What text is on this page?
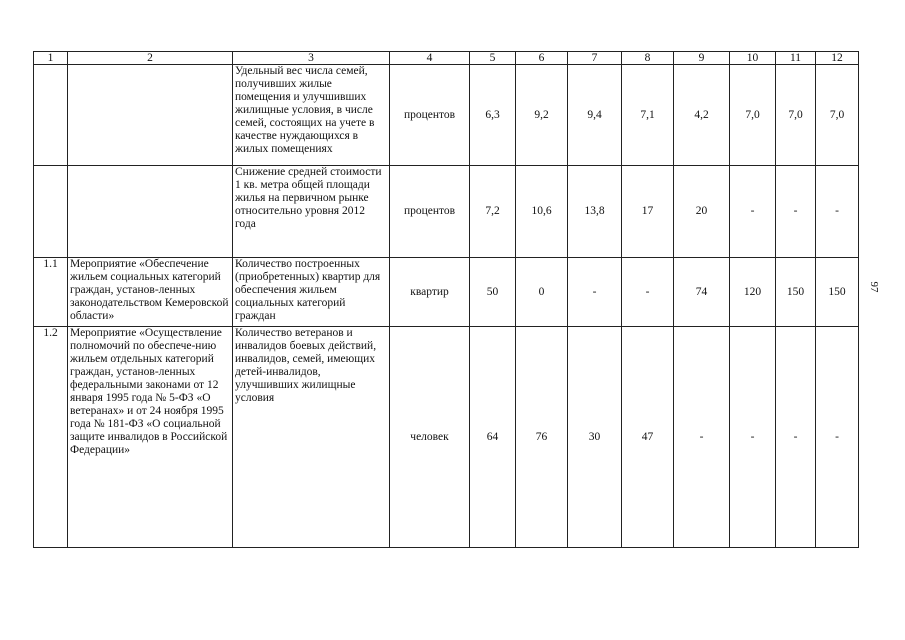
97
1	2	3	4	5	6	7	8	9	10	11	12
		Удельный вес числа семей, получивших жилые помещения и улучшивших жилищные условия, в числе семей, состоящих на учете в качестве нуждающихся в жилых помещениях	процентов	6,3	9,2	9,4	7,1	4,2	7,0	7,0	7,0
		Снижение средней стоимости 1 кв. метра общей площади жилья на первичном рынке относительно уровня 2012 года	процентов	7,2	10,6	13,8	17	20	-	-	-
1.1	Мероприятие «Обеспечение жильем социальных категорий граждан, установ-ленных законодательством Кемеровской области»	Количество построенных (приобретенных) квартир для обеспечения жильем социальных категорий граждан	квартир	50	0	-	-	74	120	150	150
1.2	Мероприятие «Осуществление полномочий по обеспече-нию жильем отдельных категорий граждан, установ-ленных федеральными законами от 12 января 1995 года № 5-ФЗ «О ветеранах» и от 24 ноября 1995 года № 181-ФЗ «О социальной защите инвалидов в Российской Федерации»	Количество ветеранов и инвалидов боевых действий, инвалидов, семей, имеющих детей-инвалидов, улучшивших жилищные условия	человек	64	76	30	47	-	-	-	-
